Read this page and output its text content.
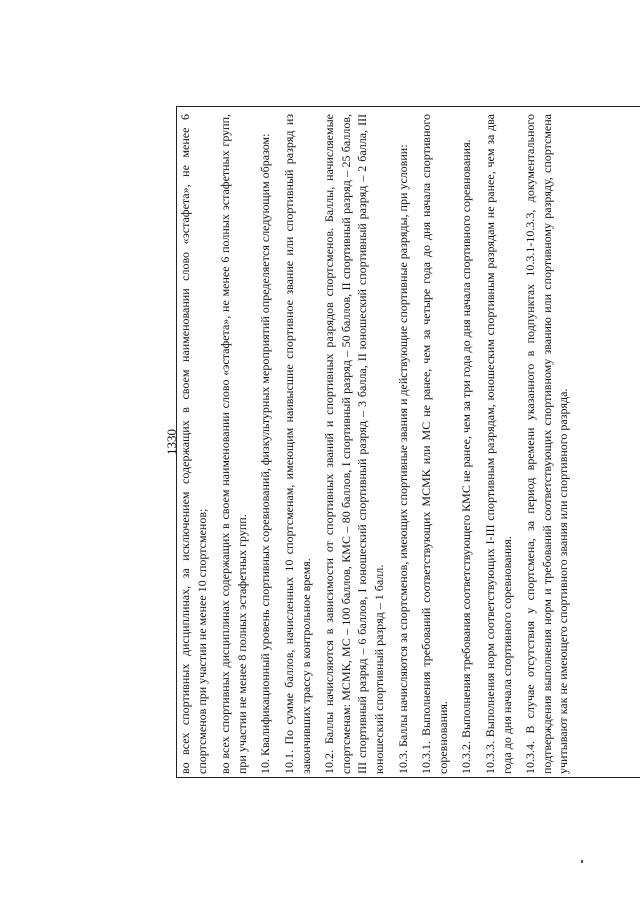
1330 во всех спортивных дисциплинах, за исключением содержащих в своем наименовании слово «эстафета», не менее 6 спортсменов при участии не менее 10 спортсменов; во всех спортивных дисциплинах содержащих в своем наименовании слово «эстафета», не менее 6 полных эстафетных групп, при участии не менее 8 полных эстафетных групп. 10. Квалификационный уровень спортивных соревнований, физкультурных мероприятий определяется следующим образом: 10.1. По сумме баллов, начисленных 10 спортсменам, имеющим наивысшие спортивное звание или спортивный разряд из закончивших трассу в контрольное время. 10.2. Баллы начисляются в зависимости от спортивных званий и спортивных разрядов спортсменов. Баллы, начисляемые спортсменам: МСМК, МС – 100 баллов, КМС – 80 баллов, I спортивный разряд – 50 баллов, II спортивный разряд – 25 баллов, III спортивный разряд – 6 баллов, I юношеский спортивный разряд – 3 балла, II юношеский спортивный разряд – 2 балла, III юношеский спортивный разряд – 1 балл. 10.3. Баллы начисляются за спортсменов, имеющих спортивные звания и действующие спортивные разряды, при условии: 10.3.1. Выполнения требований соответствующих МСМК или МС не ранее, чем за четыре года до дня начала спортивного соревнования. 10.3.2. Выполнения требования соответствующего КМС не ранее, чем за три года до дня начала спортивного соревнования. 10.3.3. Выполнения норм соответствующих I-III спортивным разрядам, юношеским спортивным разрядам не ранее, чем за два года до дня начала спортивного соревнования. 10.3.4. В случае отсутствия у спортсмена, за период времени указанного в подпунктах 10.3.1-10.3.3, документального подтверждения выполнения норм и требований соответствующих спортивному званию или спортивному разряду, спортсмена учитывают как не имеющего спортивного звания или спортивного разряда.
